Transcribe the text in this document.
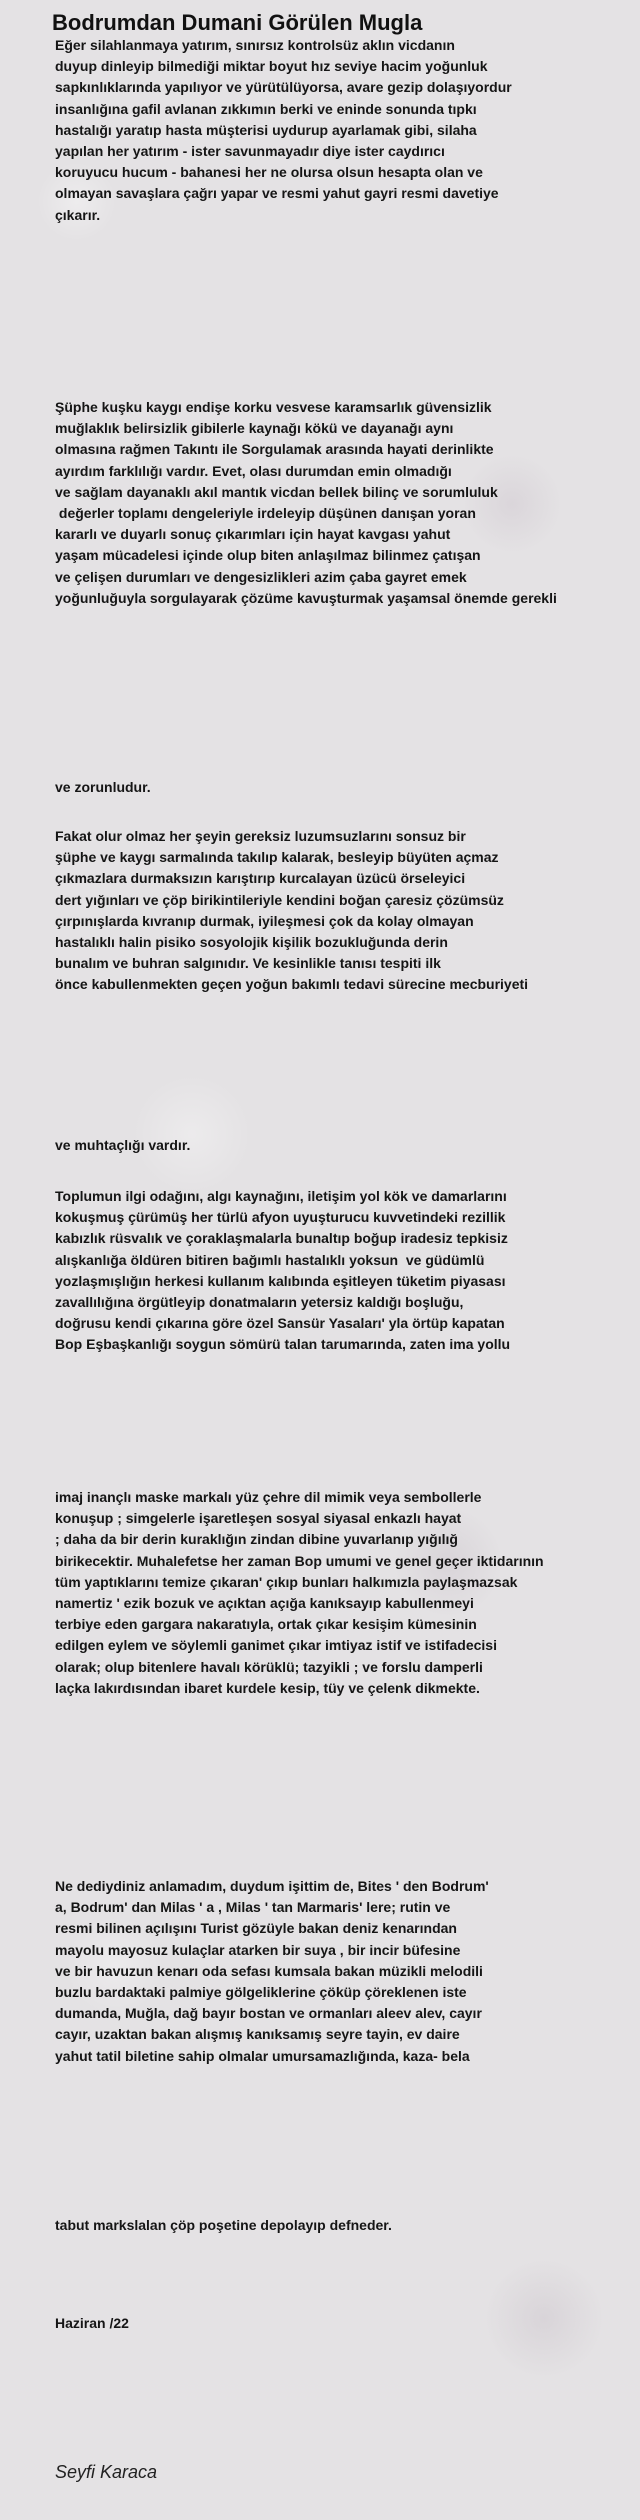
Bodrumdan Dumani Görülen Mugla
Eğer silahlanmaya yatırım, sınırsız kontrolsüz aklın vicdanın
duyup dinleyip bilmediği miktar boyut hız seviye hacim yoğunluk
sapkınlıklarında yapılıyor ve yürütülüyorsa, avare gezip dolaşıyordur
insanlığına gafil avlanan zıkkımın berki ve eninde sonunda tıpkı
hastalığı yaratıp hasta müşterisi uydurup ayarlamak gibi, silaha
yapılan her yatırım - ister savunmayadır diye ister caydırıcı
koruyucu hucum - bahanesi her ne olursa olsun hesapta olan ve
olmayan savaşlara çağrı yapar ve resmi yahut gayri resmi davetiye
çıkarır.
Şüphe kuşku kaygı endişe korku vesvese karamsarlık güvensizlik
muğlaklık belirsizlik gibilerle kaynağı kökü ve dayanağı aynı
olmasına rağmen Takıntı ile Sorgulamak arasında hayati derinlikte
ayırdım farklılığı vardır. Evet, olası durumdan emin olmadığı
ve sağlam dayanaklı akıl mantık vicdan bellek bilinç ve sorumluluk
değerler toplamı dengeleriyle irdeleyip düşünen danışan yoran
kararlı ve duyarlı sonuç çıkarımları için hayat kavgası yahut
yaşam mücadelesi içinde olup biten anlaşılmaz bilinmez çatışan
ve çelişen durumları ve dengesizlikleri azim çaba gayret emek
yoğunluğuyla sorgulayarak çözüme kavuşturmak yaşamsal önemde gerekli
ve zorunludur.
Fakat olur olmaz her şeyin gereksiz luzumsuzlarını sonsuz bir
şüphe ve kaygı sarmalında takılıp kalarak, besleyip büyüten açmaz
çıkmazlara durmaksızın karıştırıp kurcalayan üzücü örseleyici
dert yığınları ve çöp birikintileriyle kendini boğan çaresiz çözümsüz
çırpınışlarda kıvranıp durmak, iyileşmesi çok da kolay olmayan
hastalıklı halin pisiko sosyolojik kişilik bozukluğunda derin
bunalım ve buhran salgınıdır. Ve kesinlikle tanısı tespiti ilk
önce kabullenmekten geçen yoğun bakımlı tedavi sürecine mecburiyeti
ve muhtaçlığı vardır.
Toplumun ilgi odağını, algı kaynağını, iletişim yol kök ve damarlarını
kokuşmuş çürümüş her türlü afyon uyuşturucu kuvvetindeki rezillik
kabızlık rüsvalık ve çoraklaşmalarla bunaltıp boğup iradesiz tepkisiz
alışkanlığa öldüren bitiren bağımlı hastalıklı yoksun  ve güdümlü
yozlaşmışlığın herkesi kullanım kalıbında eşitleyen tüketim piyasası
zavallılığına örgütleyip donatmaların yetersiz kaldığı boşluğu,
doğrusu kendi çıkarına göre özel Sansür Yasaları' yla örtüp kapatan
Bop Eşbaşkanlığı soygun sömürü talan tarumarında, zaten ima yollu
imaj inançlı maske markalı yüz çehre dil mimik veya sembollerle
konuşup ; simgelerle işaretleşen sosyal siyasal enkazlı hayat
; daha da bir derin kuraklığın zindan dibine yuvarlanıp yığılığ
birikecektir. Muhalefetse her zaman Bop umumi ve genel geçer iktidarının
tüm yaptıklarını temize çıkaran' çıkıp bunları halkımızla paylaşmazsak
namertiz ' ezik bozuk ve açıktan açığa kanıksayıp kabullenmeyi
terbiye eden gargara nakaratıyla, ortak çıkar kesişim kümesinin
edilgen eylem ve söylemli ganimet çıkar imtiyaz istif ve istifadecisi
olarak; olup bitenlere havalı körüklü; tazyikli ; ve forslu damperli
laçka lakırdısından ibaret kurdele kesip, tüy ve çelenk dikmekte.
Ne dediydiniz anlamadım, duydum işittim de, Bites ' den Bodrum'
a, Bodrum' dan Milas ' a , Milas ' tan Marmaris' lere; rutin ve
resmi bilinen açılışını Turist gözüyle bakan deniz kenarından
mayolu mayosuz kulaçlar atarken bir suya , bir incir büfesine
ve bir havuzun kenarı oda sefası kumsala bakan müzikli melodili
buzlu bardaktaki palmiye gölgeliklerine çöküp çöreklenen iste
dumanda, Muğla, dağ bayır bostan ve ormanları aleev alev, cayır
cayır, uzaktan bakan alışmış kanıksamış seyre tayin, ev daire
yahut tatil biletine sahip olmalar umursamazlığında, kaza- bela
tabut markslalan çöp poşetine depolayıp defneder.
Haziran /22
Seyfi Karaca
